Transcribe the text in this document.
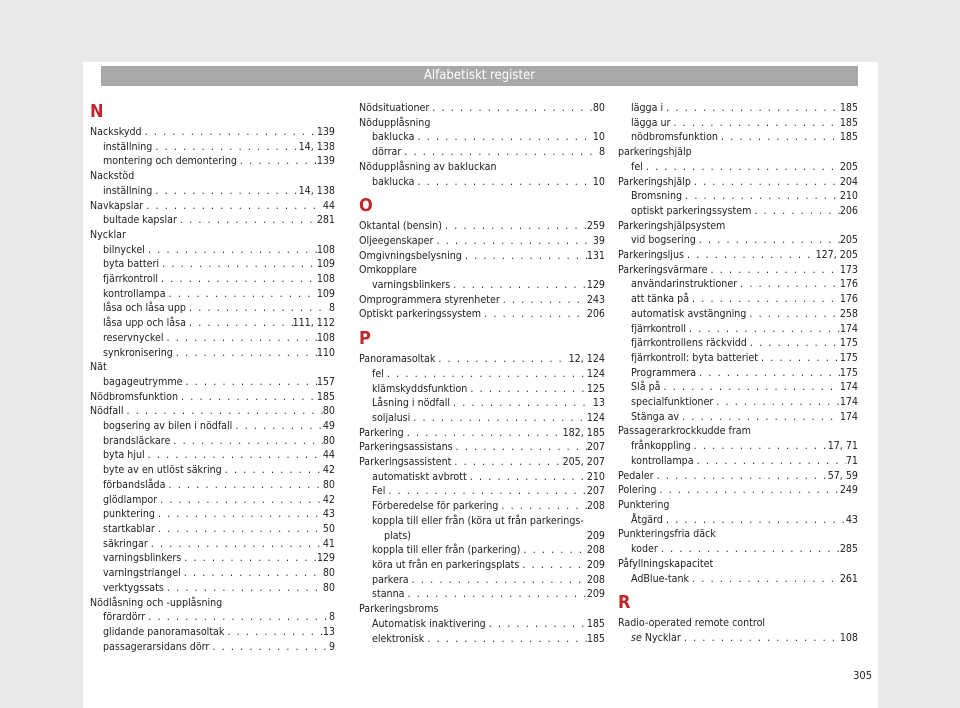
Alfabetiskt register
N
Nackskydd . . .	139
inställning . . .	14, 138
montering och demontering . . .	139
Nackstöd
inställning . . .	14, 138
Navkapslar . . .	44
bultade kapslar . . .	281
Nycklar
bilnyckel . . .	108
byta batteri . . .	109
fjärrkontroll . . .	108
kontrollampa . . .	109
låsa och låsa upp . . .	8
låsa upp och låsa . . .	111, 112
reservnyckel . . .	108
synkronisering . . .	110
Nät
bagageutrymme . . .	157
Nödbromsfunktion . . .	185
Nödfall . . .	80
bogsering av bilen i nödfall . . .	49
brandsläckare . . .	80
byta hjul . . .	44
byte av en utlöst säkring . . .	42
förbandslåda . . .	80
glödlampor . . .	42
punktering . . .	43
startkablar . . .	50
säkringar . . .	41
varningsblinkers . . .	129
varningstriangel . . .	80
verktygssats . . .	80
Nödlåsning och -upplåsning
förardörr . . .	8
glidande panoramasoltak . . .	13
passagerarsidans dörr . . .	9
Nödsituationer . . .	80
Nödupplåsning
baklucka . . .	10
dörrar . . .	8
Nödupplåsning av bakluckan
baklucka . . .	10
O
Oktantal (bensin) . . .	259
Oljeegenskaper . . .	39
Omgivningsbelysning . . .	131
Omkopplare
varningsblinkers . . .	129
Omprogrammera styrenheter . . .	243
Optiskt parkeringssystem . . .	206
P
Panoramasoltak . . .	12, 124
fel . . .	124
klämskyddsfunktion . . .	125
Låsning i nödfall . . .	13
soljalusi . . .	124
Parkering . . .	182, 185
Parkeringsassistans . . .	207
Parkeringsassistent . . .	205, 207
automatiskt avbrott . . .	210
Fel . . .	207
Förberedelse för parkering . . .	208
koppla till eller från (köra ut från parkerings-plats)	209
koppla till eller från (parkering) . . .	208
köra ut från en parkeringsplats . . .	209
parkera . . .	208
stanna . . .	209
Parkeringsbroms
Automatisk inaktivering . . .	185
elektronisk . . .	185
lägga i . . .	185
lägga ur . . .	185
nödbromsfunktion . . .	185
parkeringshjälp
fel . . .	205
Parkeringshjälp . . .	204
Bromsning . . .	210
optiskt parkeringssystem . . .	206
Parkeringshjälpsystem
vid bogsering . . .	205
Parkeringsljus . . .	127, 205
Parkeringsvärmare . . .	173
användarinstruktioner . . .	176
att tänka på . . .	176
automatisk avstängning . . .	258
fjärrkontroll . . .	174
fjärrkontrollens räckvidd . . .	175
fjärrkontroll: byta batteriet . . .	175
Programmera . . .	175
Slå på . . .	174
specialfunktioner . . .	174
Stänga av . . .	174
Passagerarkrockkudde fram
frånkoppling . . .	17, 71
kontrollampa . . .	71
Pedaler . . .	57, 59
Polering . . .	249
Punktering
Åtgärd . . .	43
Punkteringsfria däck
koder . . .	285
Påfyllningskapacitet
AdBlue-tank . . .	261
R
Radio-operated remote control
se Nycklar . . .	108
305
